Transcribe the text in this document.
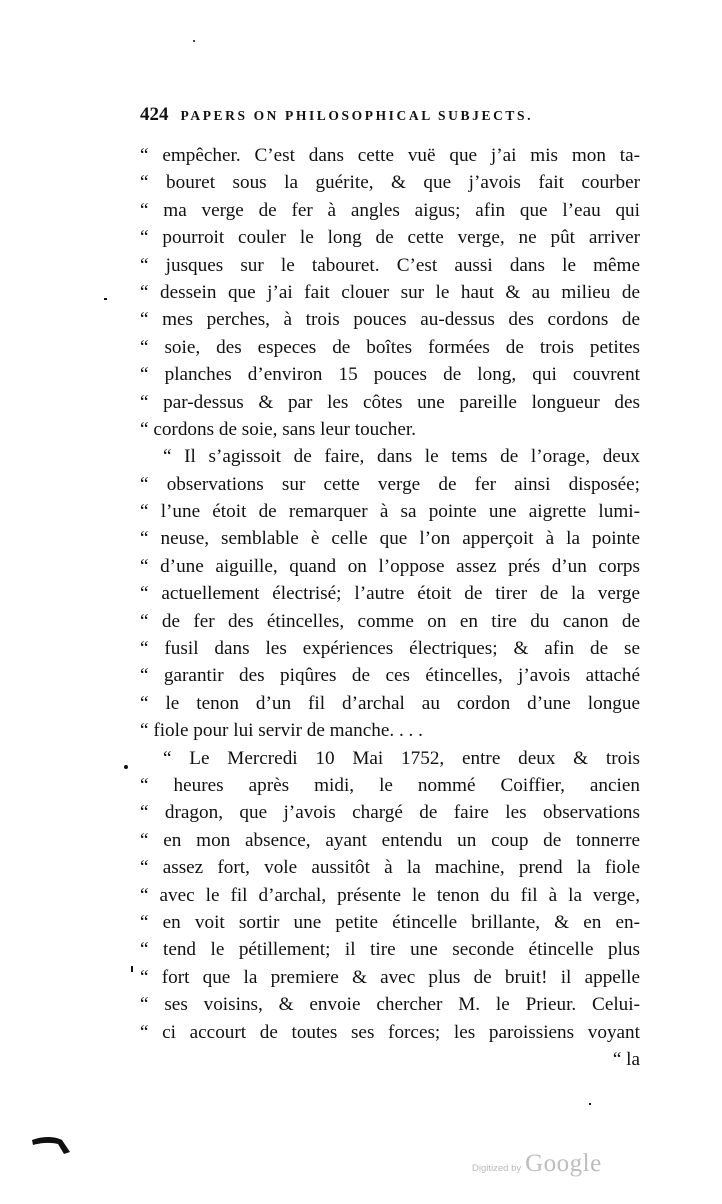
424 PAPERS ON PHILOSOPHICAL SUBJECTS.
“ empêcher. C’est dans cette vuë que j’ai mis mon ta-
“ bouret sous la guérite, & que j’avois fait courber
“ ma verge de fer à angles aigus; afin que l’eau qui
“ pourroit couler le long de cette verge, ne pût arriver
“ jusques sur le tabouret. C’est aussi dans le même
“ dessein que j’ai fait clouer sur le haut & au milieu de
“ mes perches, à trois pouces au-dessus des cordons de
“ soie, des especes de boîtes formées de trois petites
“ planches d’environ 15 pouces de long, qui couvrent
“ par-dessus & par les côtes une pareille longueur des
“ cordons de soie, sans leur toucher.
“ Il s’agissoit de faire, dans le tems de l’orage, deux
“ observations sur cette verge de fer ainsi disposée;
“ l’une étoit de remarquer à sa pointe une aigrette lumi-
“ neuse, semblable è celle que l’on apperçoit à la pointe
“ d’une aiguille, quand on l’oppose assez prés d’un corps
“ actuellement électrisé; l’autre étoit de tirer de la verge
“ de fer des étincelles, comme on en tire du canon de
“ fusil dans les expériences électriques; & afin de se
“ garantir des piqûres de ces étincelles, j’avois attaché
“ le tenon d’un fil d’archal au cordon d’une longue
“ fiole pour lui servir de manche. . . .
“ Le Mercredi 10 Mai 1752, entre deux & trois
“ heures après midi, le nommé Coiffier, ancien
“ dragon, que j’avois chargé de faire les observations
“ en mon absence, ayant entendu un coup de tonnerre
“ assez fort, vole aussitôt à la machine, prend la fiole
“ avec le fil d’archal, présente le tenon du fil à la verge,
“ en voit sortir une petite étincelle brillante, & en en-
“ tend le pétillement; il tire une seconde étincelle plus
“ fort que la premiere & avec plus de bruit! il appelle
“ ses voisins, & envoie chercher M. le Prieur. Celui-
“ ci accourt de toutes ses forces; les paroissiens voyant
“ la
Digitized by Google
